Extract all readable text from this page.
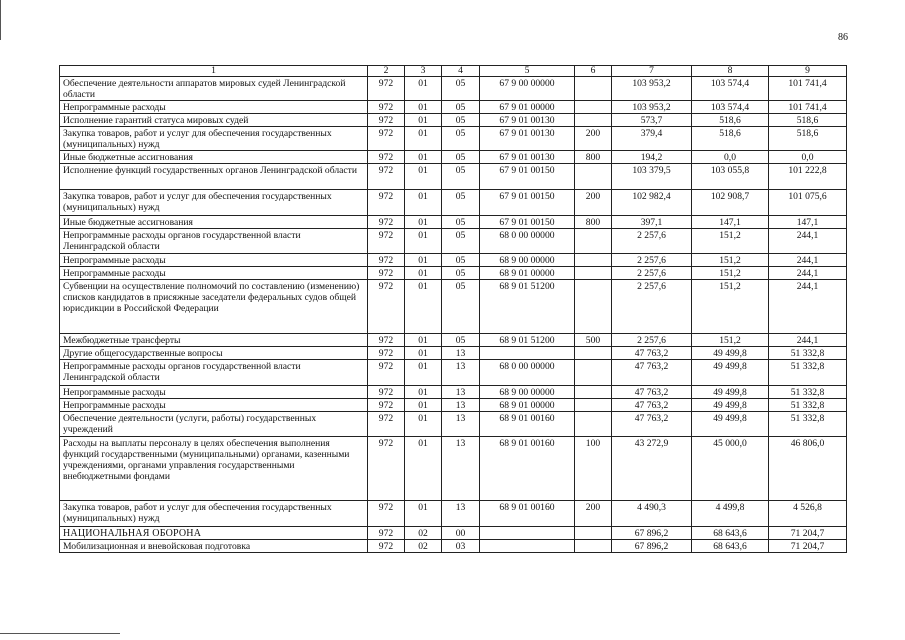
86
1	2	3	4	5	6	7	8	9
Обеспечение деятельности аппаратов мировых судей Ленинградской области	972	01	05	67 9 00 00000		103 953,2	103 574,4	101 741,4
Непрограммные расходы	972	01	05	67 9 01 00000		103 953,2	103 574,4	101 741,4
Исполнение гарантий статуса мировых судей	972	01	05	67 9 01 00130		573,7	518,6	518,6
Закупка товаров, работ и услуг для обеспечения государственных (муниципальных) нужд	972	01	05	67 9 01 00130	200	379,4	518,6	518,6
Иные бюджетные ассигнования	972	01	05	67 9 01 00130	800	194,2	0,0	0,0
Исполнение функций государственных органов Ленинградской области	972	01	05	67 9 01 00150		103 379,5	103 055,8	101 222,8
Закупка товаров, работ и услуг для обеспечения государственных (муниципальных) нужд	972	01	05	67 9 01 00150	200	102 982,4	102 908,7	101 075,6
Иные бюджетные ассигнования	972	01	05	67 9 01 00150	800	397,1	147,1	147,1
Непрограммные расходы органов государственной власти Ленинградской области	972	01	05	68 0 00 00000		2 257,6	151,2	244,1
Непрограммные расходы	972	01	05	68 9 00 00000		2 257,6	151,2	244,1
Непрограммные расходы	972	01	05	68 9 01 00000		2 257,6	151,2	244,1
Субвенции на осуществление полномочий по составлению (изменению) списков кандидатов в присяжные заседатели федеральных судов общей юрисдикции в Российской Федерации	972	01	05	68 9 01 51200		2 257,6	151,2	244,1
Межбюджетные трансферты	972	01	05	68 9 01 51200	500	2 257,6	151,2	244,1
Другие общегосударственные вопросы	972	01	13			47 763,2	49 499,8	51 332,8
Непрограммные расходы органов государственной власти Ленинградской области	972	01	13	68 0 00 00000		47 763,2	49 499,8	51 332,8
Непрограммные расходы	972	01	13	68 9 00 00000		47 763,2	49 499,8	51 332,8
Непрограммные расходы	972	01	13	68 9 01 00000		47 763,2	49 499,8	51 332,8
Обеспечение деятельности (услуги, работы) государственных учреждений	972	01	13	68 9 01 00160		47 763,2	49 499,8	51 332,8
Расходы на выплаты персоналу в целях обеспечения выполнения функций государственными (муниципальными) органами, казенными учреждениями, органами управления государственными внебюджетными фондами	972	01	13	68 9 01 00160	100	43 272,9	45 000,0	46 806,0
Закупка товаров, работ и услуг для обеспечения государственных (муниципальных) нужд	972	01	13	68 9 01 00160	200	4 490,3	4 499,8	4 526,8
НАЦИОНАЛЬНАЯ ОБОРОНА	972	02	00			67 896,2	68 643,6	71 204,7
Мобилизационная и вневойсковая подготовка	972	02	03			67 896,2	68 643,6	71 204,7
